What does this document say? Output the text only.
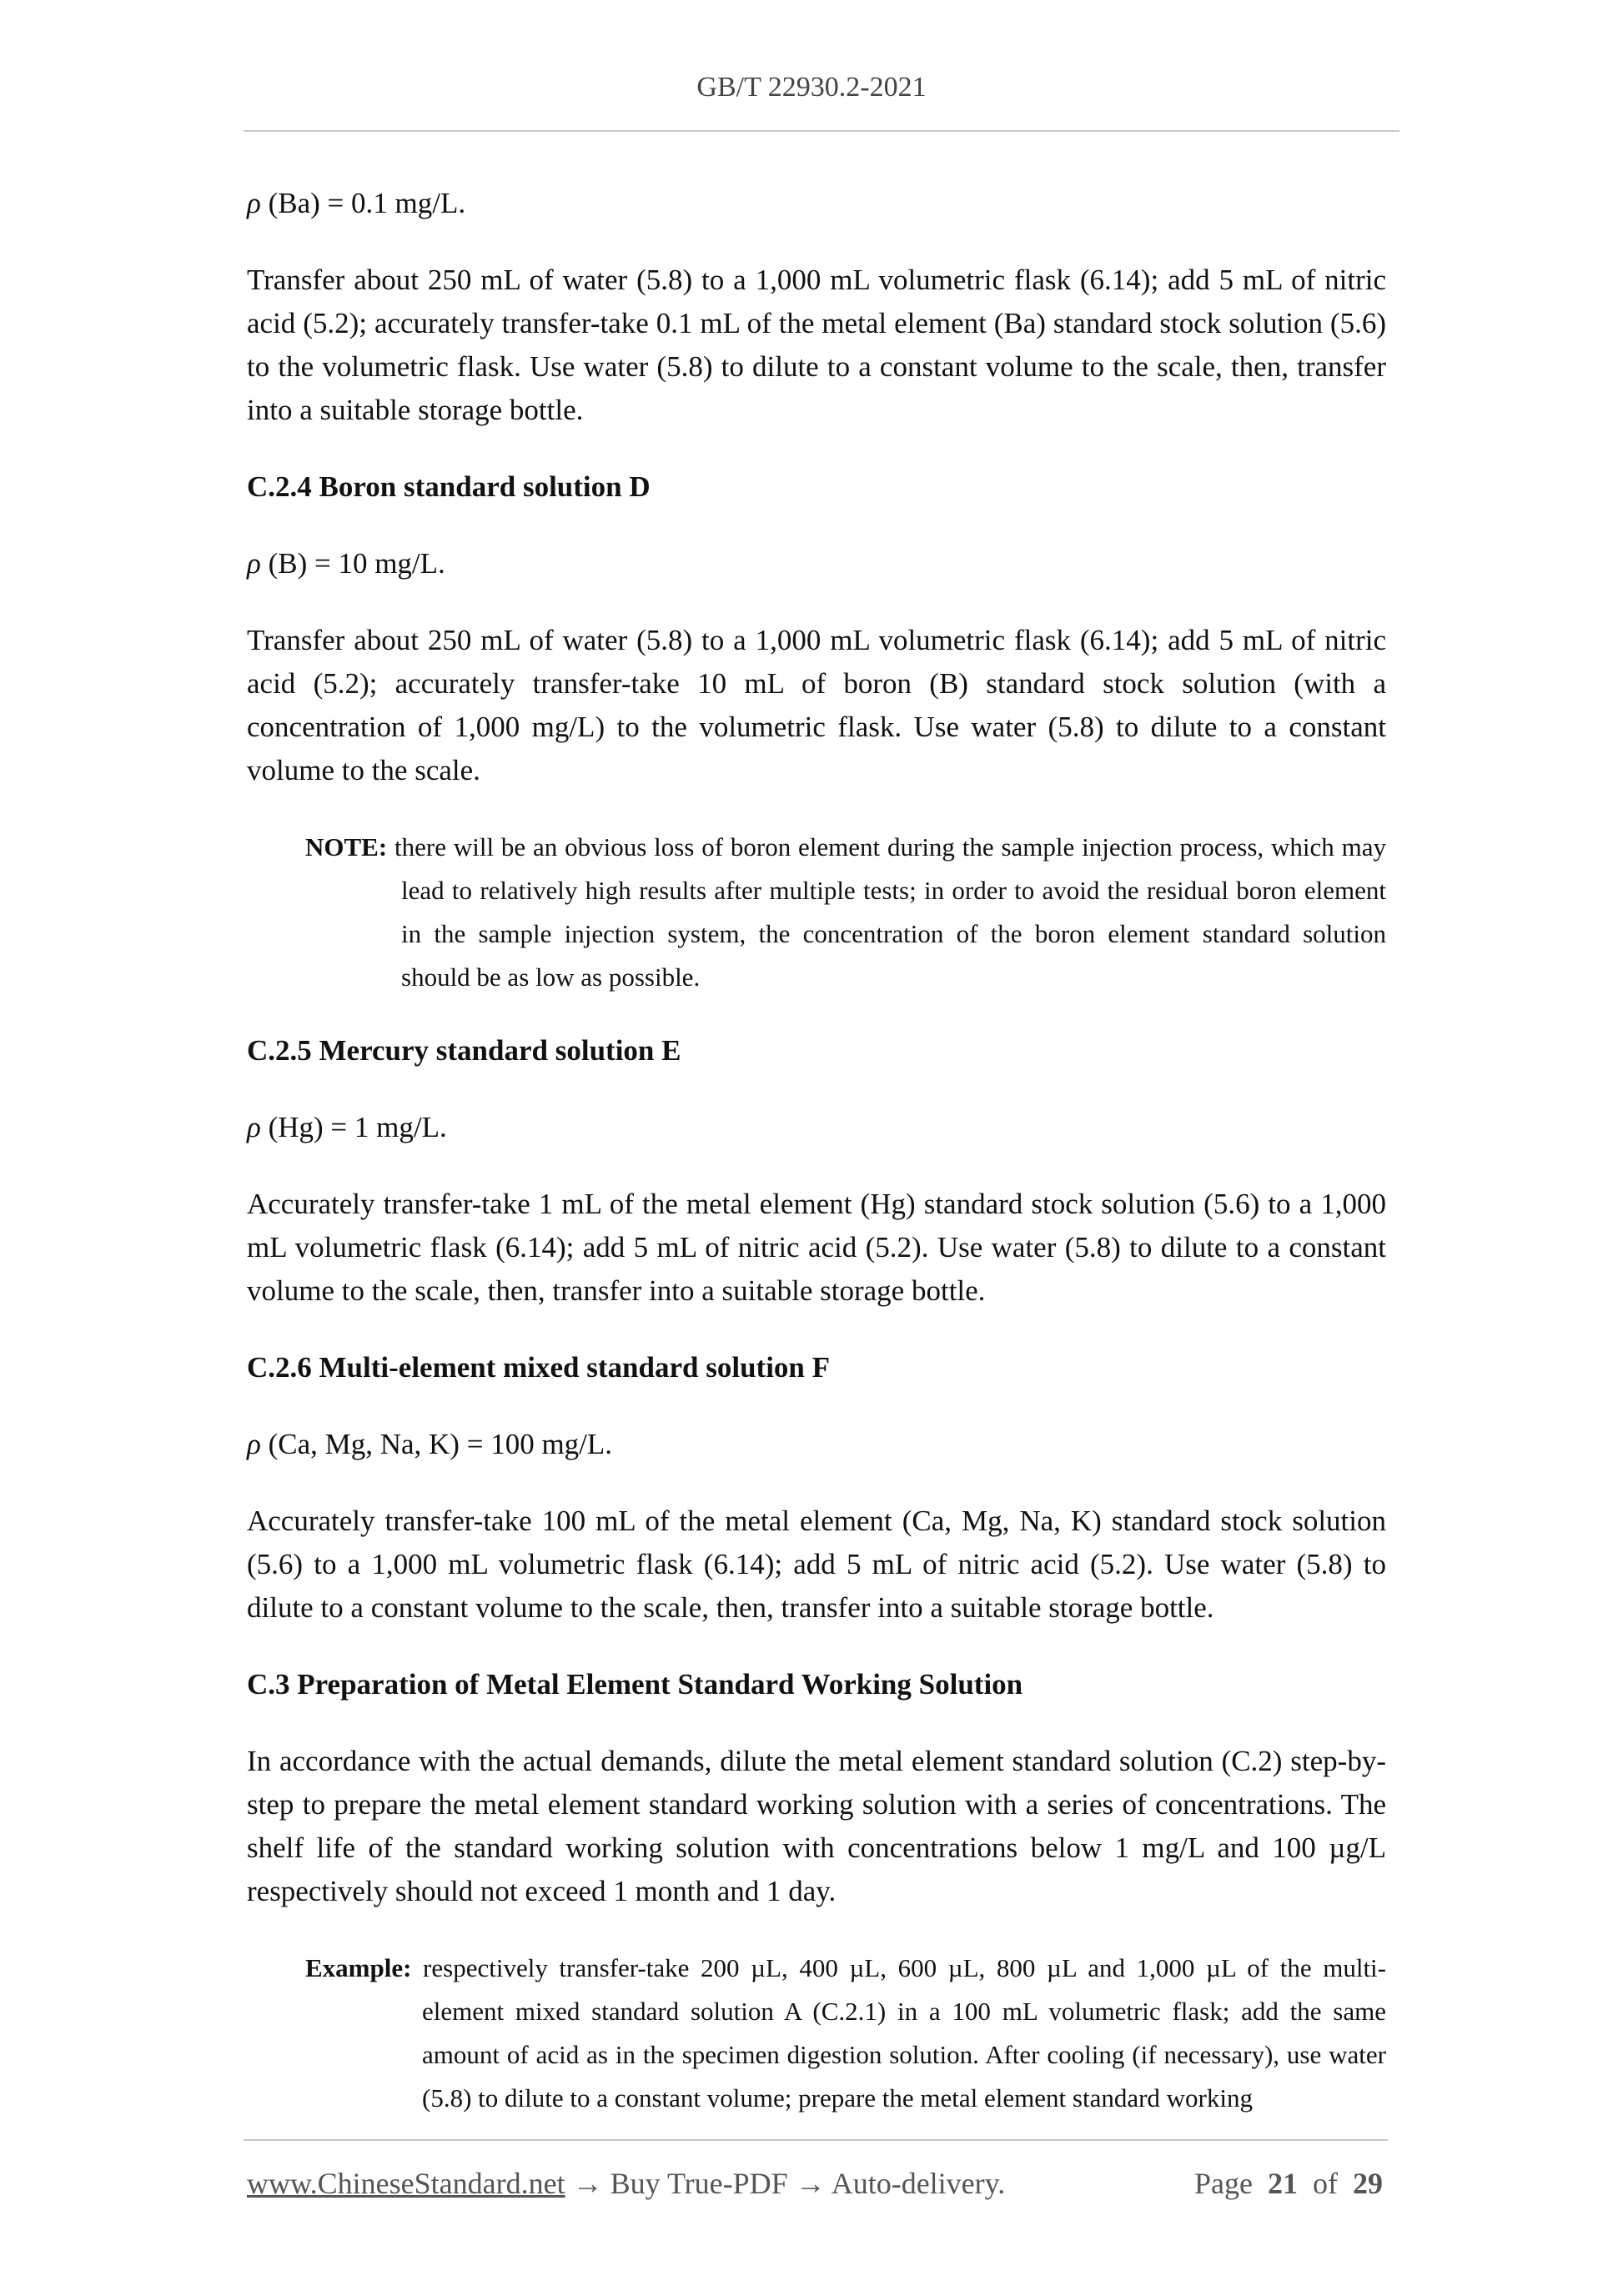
GB/T 22930.2-2021

ρ (Ba) = 0.1 mg/L.

Transfer about 250 mL of water (5.8) to a 1,000 mL volumetric flask (6.14); add 5 mL of nitric acid (5.2); accurately transfer-take 0.1 mL of the metal element (Ba) standard stock solution (5.6) to the volumetric flask. Use water (5.8) to dilute to a constant volume to the scale, then, transfer into a suitable storage bottle.

C.2.4 Boron standard solution D

ρ (B) = 10 mg/L.

Transfer about 250 mL of water (5.8) to a 1,000 mL volumetric flask (6.14); add 5 mL of nitric acid (5.2); accurately transfer-take 10 mL of boron (B) standard stock solution (with a concentration of 1,000 mg/L) to the volumetric flask. Use water (5.8) to dilute to a constant volume to the scale.

NOTE: there will be an obvious loss of boron element during the sample injection process, which may lead to relatively high results after multiple tests; in order to avoid the residual boron element in the sample injection system, the concentration of the boron element standard solution should be as low as possible.

C.2.5 Mercury standard solution E

ρ (Hg) = 1 mg/L.

Accurately transfer-take 1 mL of the metal element (Hg) standard stock solution (5.6) to a 1,000 mL volumetric flask (6.14); add 5 mL of nitric acid (5.2). Use water (5.8) to dilute to a constant volume to the scale, then, transfer into a suitable storage bottle.

C.2.6 Multi-element mixed standard solution F

ρ (Ca, Mg, Na, K) = 100 mg/L.

Accurately transfer-take 100 mL of the metal element (Ca, Mg, Na, K) standard stock solution (5.6) to a 1,000 mL volumetric flask (6.14); add 5 mL of nitric acid (5.2). Use water (5.8) to dilute to a constant volume to the scale, then, transfer into a suitable storage bottle.

C.3 Preparation of Metal Element Standard Working Solution

In accordance with the actual demands, dilute the metal element standard solution (C.2) step-by-step to prepare the metal element standard working solution with a series of concentrations. The shelf life of the standard working solution with concentrations below 1 mg/L and 100 µg/L respectively should not exceed 1 month and 1 day.

Example: respectively transfer-take 200 µL, 400 µL, 600 µL, 800 µL and 1,000 µL of the multi-element mixed standard solution A (C.2.1) in a 100 mL volumetric flask; add the same amount of acid as in the specimen digestion solution. After cooling (if necessary), use water (5.8) to dilute to a constant volume; prepare the metal element standard working

www.ChineseStandard.net → Buy True-PDF → Auto-delivery.	Page 21 of 29
